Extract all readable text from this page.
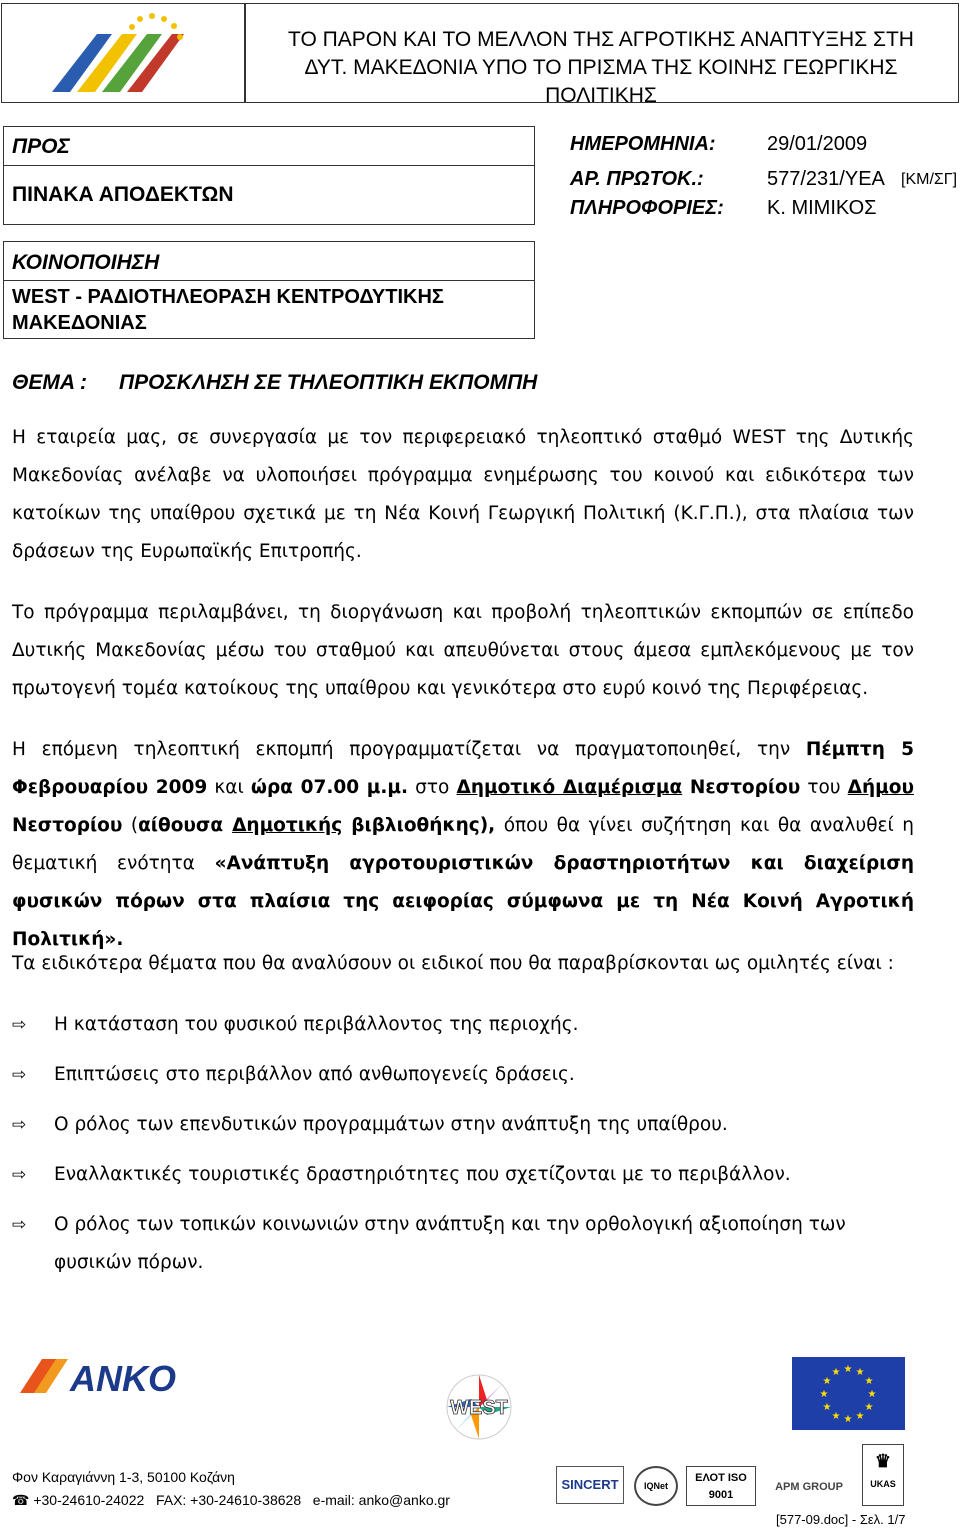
ΤΟ ΠΑΡΟΝ ΚΑΙ ΤΟ ΜΕΛΛΟΝ ΤΗΣ ΑΓΡΟΤΙΚΗΣ ΑΝΑΠΤΥΞΗΣ ΣΤΗ
ΔΥΤ. ΜΑΚΕΔΟΝΙΑ ΥΠΟ ΤΟ ΠΡΙΣΜΑ ΤΗΣ ΚΟΙΝΗΣ ΓΕΩΡΓΙΚΗΣ ΠΟΛΙΤΙΚΗΣ
ΠΡΟΣ
ΠΙΝΑΚΑ ΑΠΟΔΕΚΤΩΝ
ΗΜΕΡΟΜΗΝΙΑ:	29/01/2009
ΑΡ. ΠΡΩΤΟΚ.:	577/231/ΥΕΑ [ΚΜ/ΣΓ]
ΠΛΗΡΟΦΟΡΙΕΣ: Κ. ΜΙΜΙΚΟΣ
ΚΟΙΝΟΠΟΙΗΣΗ
WEST - ΡΑΔΙΟΤΗΛΕΟΡΑΣΗ ΚΕΝΤΡΟΔΥΤΙΚΗΣ
ΜΑΚΕΔΟΝΙΑΣ
ΘΕΜΑ : ΠΡΟΣΚΛΗΣΗ ΣΕ ΤΗΛΕΟΠΤΙΚΗ ΕΚΠΟΜΠΗ
Η εταιρεία μας, σε συνεργασία με τον περιφερειακό τηλεοπτικό σταθμό WEST της Δυτικής Μακεδονίας ανέλαβε να υλοποιήσει πρόγραμμα ενημέρωσης του κοινού και ειδικότερα των κατοίκων της υπαίθρου σχετικά με τη Νέα Κοινή Γεωργική Πολιτική (Κ.Γ.Π.), στα πλαίσια των δράσεων της Ευρωπαϊκής Επιτροπής.
Το πρόγραμμα περιλαμβάνει, τη διοργάνωση και προβολή τηλεοπτικών εκπομπών σε επίπεδο Δυτικής Μακεδονίας μέσω του σταθμού και απευθύνεται στους άμεσα εμπλεκόμενους με τον πρωτογενή τομέα κατοίκους της υπαίθρου και γενικότερα στο ευρύ κοινό της Περιφέρειας.
Η επόμενη τηλεοπτική εκπομπή προγραμματίζεται να πραγματοποιηθεί, την Πέμπτη 5 Φεβρουαρίου 2009 και ώρα 07.00 μ.μ. στο Δημοτικό Διαμέρισμα Νεστορίου του Δήμου Νεστορίου (αίθουσα Δημοτικής βιβλιοθήκης), όπου θα γίνει συζήτηση και θα αναλυθεί η θεματική ενότητα «Ανάπτυξη αγροτουριστικών δραστηριοτήτων και διαχείριση φυσικών πόρων στα πλαίσια της αειφορίας σύμφωνα με τη Νέα Κοινή Αγροτική Πολιτική».
Τα ειδικότερα θέματα που θα αναλύσουν οι ειδικοί που θα παραβρίσκονται ως ομιλητές είναι :
⇨ Η κατάσταση του φυσικού περιβάλλοντος της περιοχής.
⇨ Επιπτώσεις στο περιβάλλον από ανθωπογενείς δράσεις.
⇨ Ο ρόλος των επενδυτικών προγραμμάτων στην ανάπτυξη της υπαίθρου.
⇨ Εναλλακτικές τουριστικές δραστηριότητες που σχετίζονται με το περιβάλλον.
⇨ Ο ρόλος των τοπικών κοινωνιών στην ανάπτυξη και την ορθολογική αξιοποίηση των φυσικών πόρων.
ANKO
WEST
★ ★
★
★
★
★
★
★
★
★
★
★
Φον Καραγιάννη 1-3, 50100 Κοζάνη
☎ +30-24610-24022   FAX: +30-24610-38628   e-mail: anko@anko.gr
SINCERT	IQNet
ΕΛΟΤ ISO 9001
APM GROUP
♛
UKAS
[577-09.doc] - Σελ. 1/7
